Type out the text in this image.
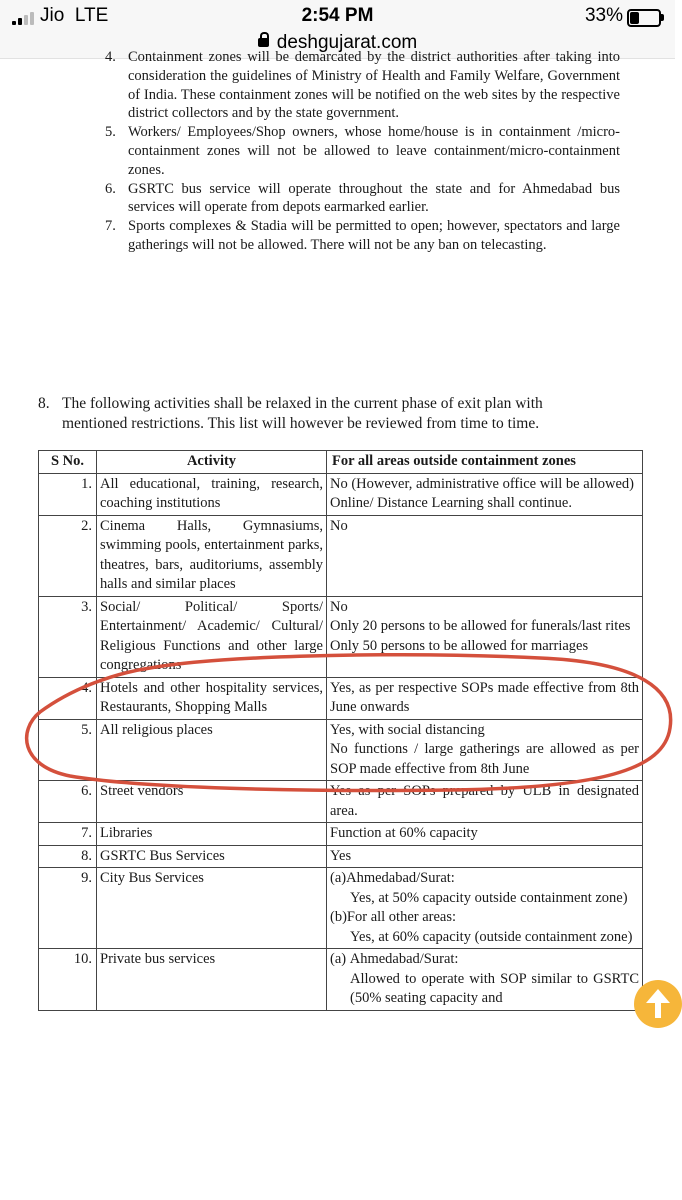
Jio LTE	2:54 PM	33%
deshgujarat.com
4. Containment zones will be demarcated by the district authorities after taking into consideration the guidelines of Ministry of Health and Family Welfare, Government of India. These containment zones will be notified on the web sites by the respective district collectors and by the state government.
5. Workers/ Employees/Shop owners, whose home/house is in containment /micro-containment zones will not be allowed to leave containment/micro-containment zones.
6. GSRTC bus service will operate throughout the state and for Ahmedabad bus services will operate from depots earmarked earlier.
7. Sports complexes & Stadia will be permitted to open; however, spectators and large gatherings will not be allowed. There will not be any ban on telecasting.
8. The following activities shall be relaxed in the current phase of exit plan with mentioned restrictions. This list will however be reviewed from time to time.
S No.	Activity	For all areas outside containment zones
1.	All educational, training, research, coaching institutions	No (However, administrative office will be allowed)
Online/ Distance Learning shall continue.

2.	Cinema Halls, Gymnasiums, swimming pools, entertainment parks, theatres, bars, auditoriums, assembly halls and similar places	No

3.	Social/ Political/ Sports/ Entertainment/ Academic/ Cultural/ Religious Functions and other large congregations	No
Only 20 persons to be allowed for funerals/last rites
Only 50 persons to be allowed for marriages

4.	Hotels and other hospitality services, Restaurants, Shopping Malls	Yes, as per respective SOPs made effective from 8th June onwards

5.	All religious places	Yes, with social distancing
No functions / large gatherings are allowed as per SOP made effective from 8th June

6.	Street vendors	Yes as per SOPs prepared by ULB in designated area.

7.	Libraries	Function at 60% capacity

8.	GSRTC Bus Services	Yes

9.	City Bus Services	(a)Ahmedabad/Surat:
Yes, at 50% capacity outside containment zone)
(b)For all other areas:
Yes, at 60% capacity (outside containment zone)

10.	Private bus services	(a) Ahmedabad/Surat:
Allowed to operate with SOP similar to GSRTC (50% seating capacity and
